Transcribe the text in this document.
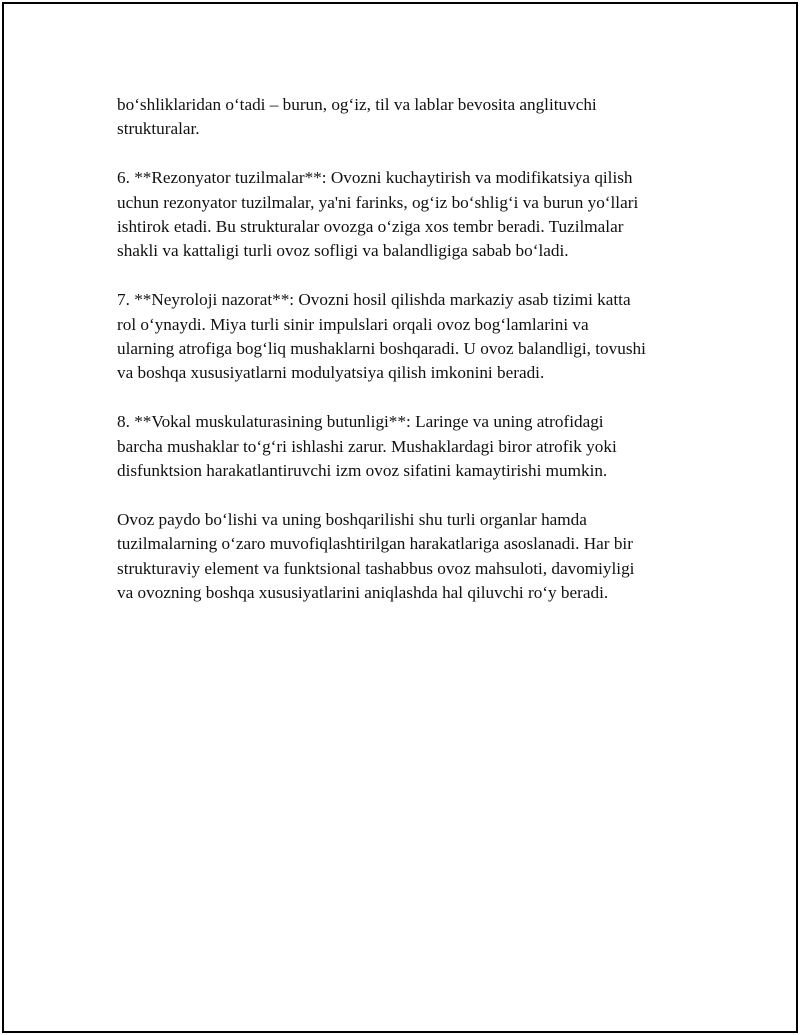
bo‘shliklaridan o‘tadi – burun, og‘iz, til va lablar bevosita anglituvchi
strukturalar.

6. **Rezonyator tuzilmalar**: Ovozni kuchaytirish va modifikatsiya qilish
uchun rezonyator tuzilmalar, ya'ni farinks, og‘iz bo‘shlig‘i va burun yo‘llari
ishtirok etadi. Bu strukturalar ovozga o‘ziga xos tembr beradi. Tuzilmalar
shakli va kattaligi turli ovoz sofligi va balandligiga sabab bo‘ladi.

7. **Neyroloji nazorat**: Ovozni hosil qilishda markaziy asab tizimi katta
rol o‘ynaydi. Miya turli sinir impulslari orqali ovoz bog‘lamlarini va
ularning atrofiga bog‘liq mushaklarni boshqaradi. U ovoz balandligi, tovushi
va boshqa xususiyatlarni modulyatsiya qilish imkonini beradi.

8. **Vokal muskulaturasining butunligi**: Laringe va uning atrofidagi
barcha mushaklar to‘g‘ri ishlashi zarur. Mushaklardagi biror atrofik yoki
disfunktsion harakatlantiruvchi izm ovoz sifatini kamaytirishi mumkin.

Ovoz paydo bo‘lishi va uning boshqarilishi shu turli organlar hamda
tuzilmalarning o‘zaro muvofiqlashtirilgan harakatlariga asoslanadi. Har bir
strukturaviy element va funktsional tashabbus ovoz mahsuloti, davomiyligi
va ovozning boshqa xususiyatlarini aniqlashda hal qiluvchi ro‘y beradi.
